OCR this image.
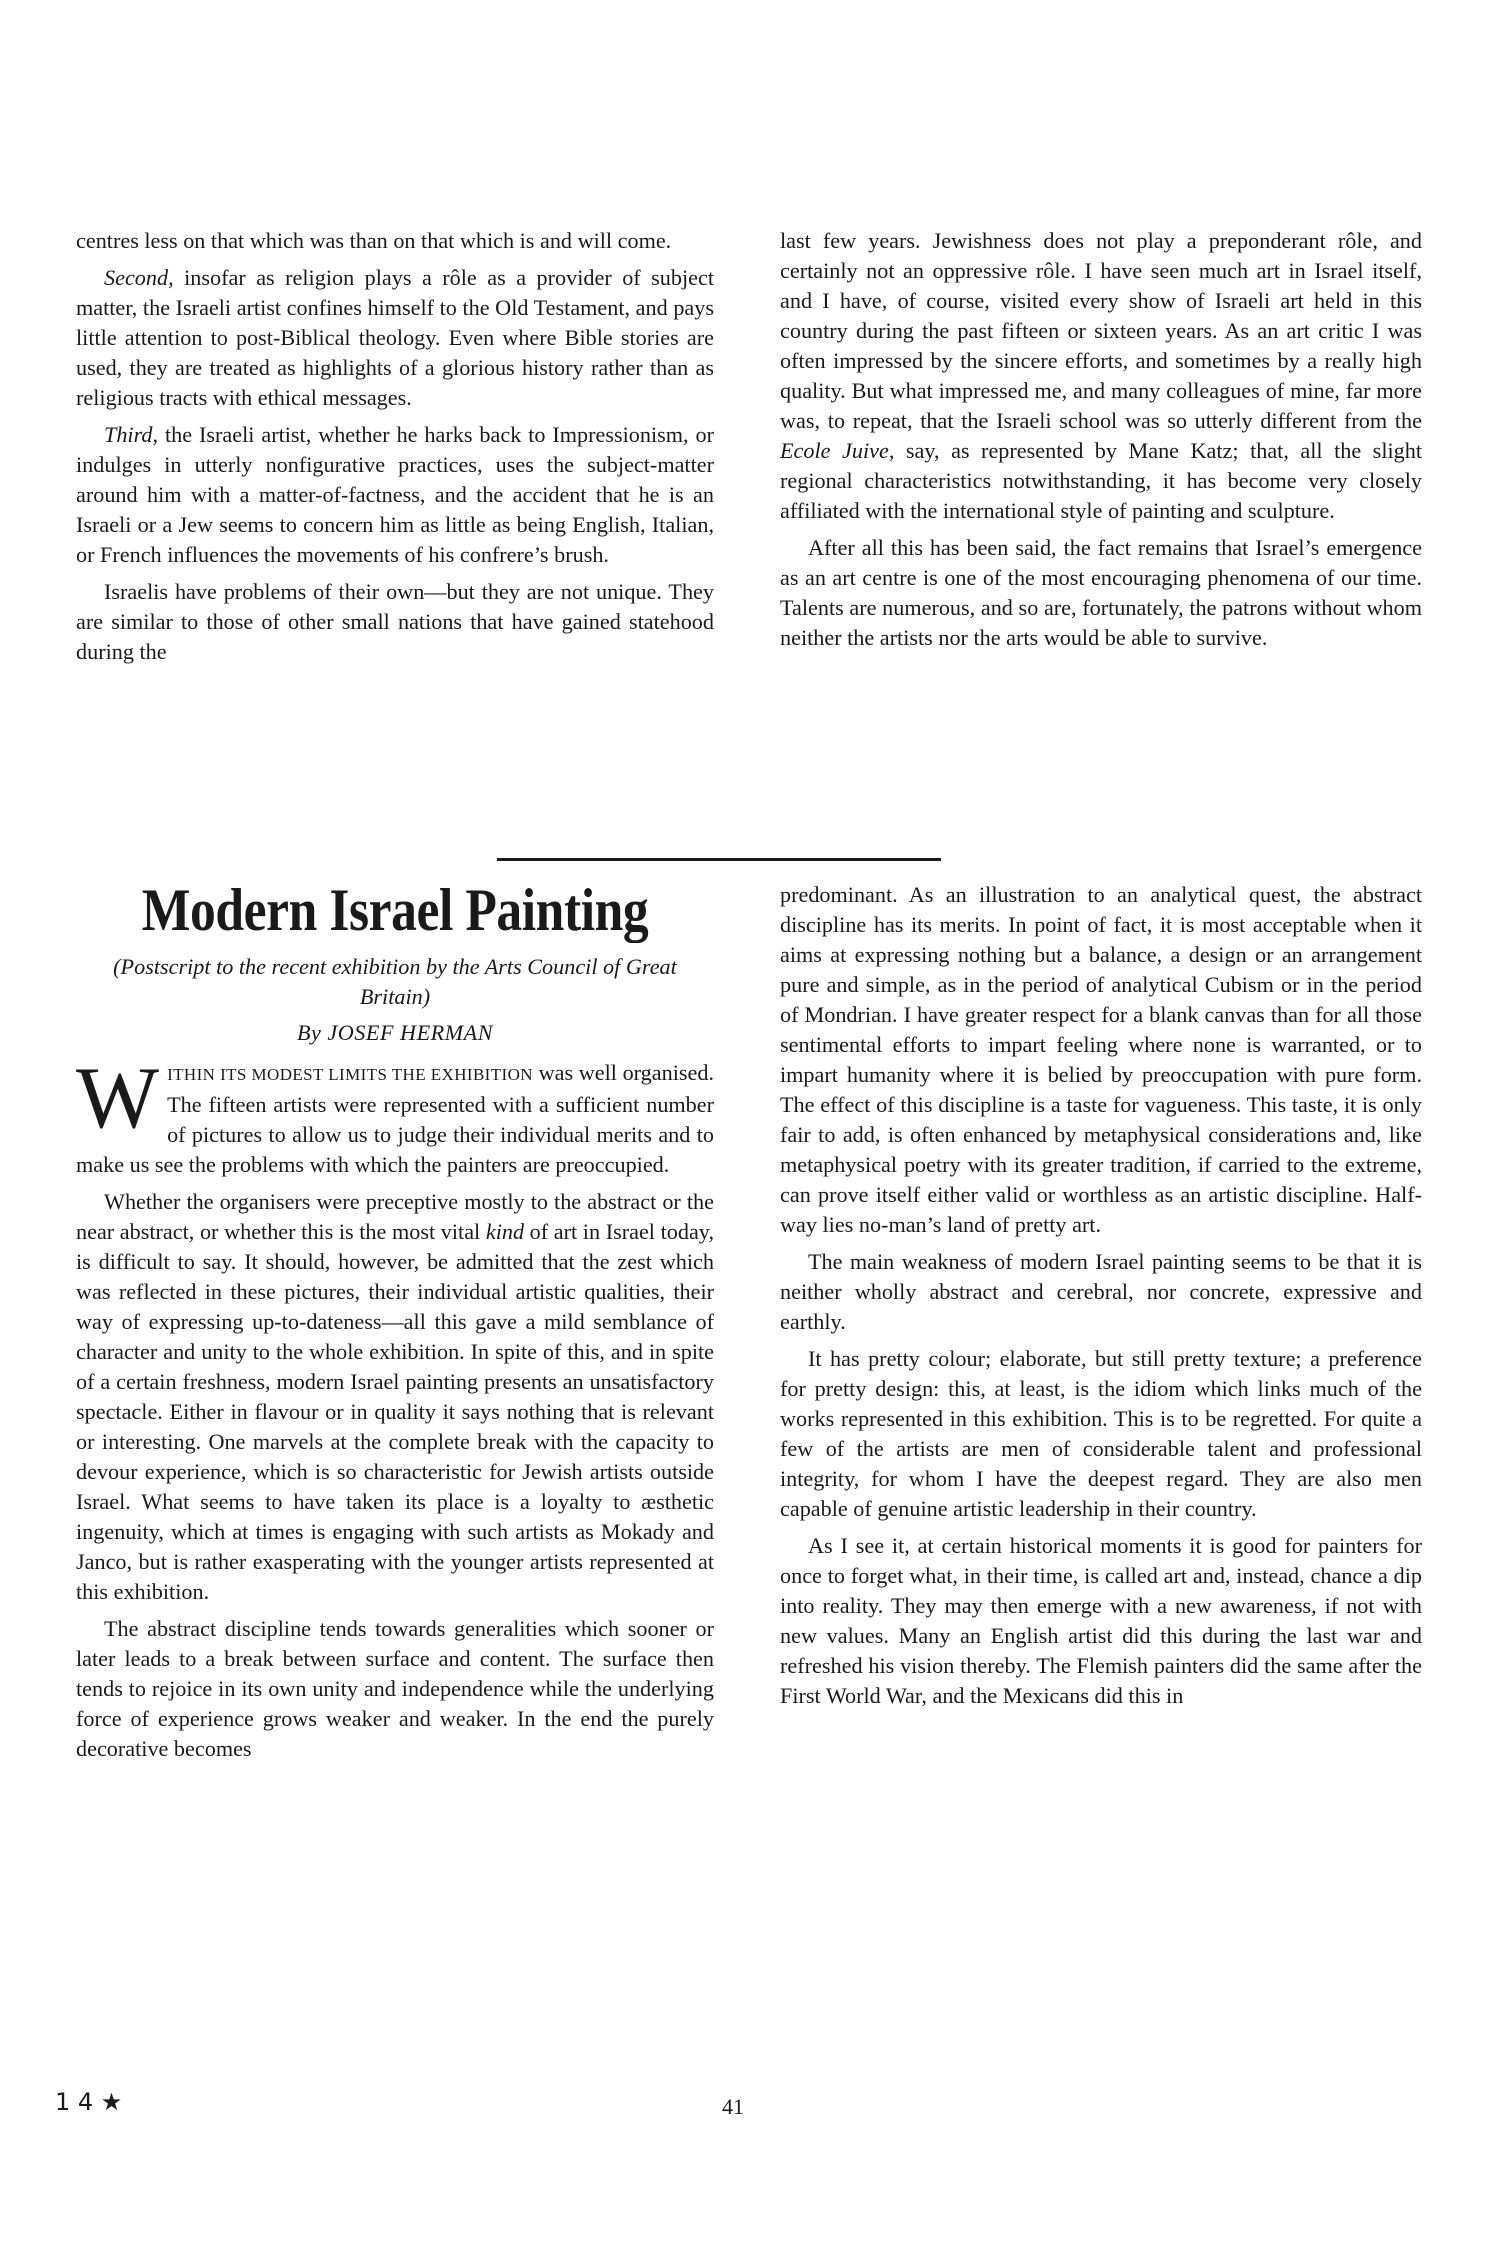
centres less on that which was than on that which is and will come.

Second, insofar as religion plays a rôle as a provider of subject matter, the Israeli artist confines himself to the Old Testament, and pays little attention to post-Biblical theology. Even where Bible stories are used, they are treated as highlights of a glorious history rather than as religious tracts with ethical messages.

Third, the Israeli artist, whether he harks back to Impressionism, or indulges in utterly nonfigurative practices, uses the subject-matter around him with a matter-of-factness, and the accident that he is an Israeli or a Jew seems to concern him as little as being English, Italian, or French influences the movements of his confrere’s brush.

Israelis have problems of their own—but they are not unique. They are similar to those of other small nations that have gained statehood during the

last few years. Jewishness does not play a preponderant rôle, and certainly not an oppressive rôle. I have seen much art in Israel itself, and I have, of course, visited every show of Israeli art held in this country during the past fifteen or sixteen years. As an art critic I was often impressed by the sincere efforts, and sometimes by a really high quality. But what impressed me, and many colleagues of mine, far more was, to repeat, that the Israeli school was so utterly different from the Ecole Juive, say, as represented by Mane Katz; that, all the slight regional characteristics notwithstanding, it has become very closely affiliated with the international style of painting and sculpture.

After all this has been said, the fact remains that Israel’s emergence as an art centre is one of the most encouraging phenomena of our time. Talents are numerous, and so are, fortunately, the patrons without whom neither the artists nor the arts would be able to survive.

Modern Israel Painting
(Postscript to the recent exhibition by the Arts Council of Great Britain)
By JOSEF HERMAN

WITHIN ITS MODEST LIMITS THE EXHIBITION was well organised. The fifteen artists were represented with a sufficient number of pictures to allow us to judge their individual merits and to make us see the problems with which the painters are preoccupied.

Whether the organisers were preceptive mostly to the abstract or the near abstract, or whether this is the most vital kind of art in Israel today, is difficult to say. It should, however, be admitted that the zest which was reflected in these pictures, their individual artistic qualities, their way of expressing up-to-dateness—all this gave a mild semblance of character and unity to the whole exhibition. In spite of this, and in spite of a certain freshness, modern Israel painting presents an unsatisfactory spectacle. Either in flavour or in quality it says nothing that is relevant or interesting. One marvels at the complete break with the capacity to devour experience, which is so characteristic for Jewish artists outside Israel. What seems to have taken its place is a loyalty to æsthetic ingenuity, which at times is engaging with such artists as Mokady and Janco, but is rather exasperating with the younger artists represented at this exhibition.

The abstract discipline tends towards generalities which sooner or later leads to a break between surface and content. The surface then tends to rejoice in its own unity and independence while the underlying force of experience grows weaker and weaker. In the end the purely decorative becomes

predominant. As an illustration to an analytical quest, the abstract discipline has its merits. In point of fact, it is most acceptable when it aims at expressing nothing but a balance, a design or an arrangement pure and simple, as in the period of analytical Cubism or in the period of Mondrian. I have greater respect for a blank canvas than for all those sentimental efforts to impart feeling where none is warranted, or to impart humanity where it is belied by preoccupation with pure form. The effect of this discipline is a taste for vagueness. This taste, it is only fair to add, is often enhanced by metaphysical considerations and, like metaphysical poetry with its greater tradition, if carried to the extreme, can prove itself either valid or worthless as an artistic discipline. Half-way lies no-man’s land of pretty art.

The main weakness of modern Israel painting seems to be that it is neither wholly abstract and cerebral, nor concrete, expressive and earthly.

It has pretty colour; elaborate, but still pretty texture; a preference for pretty design: this, at least, is the idiom which links much of the works represented in this exhibition. This is to be regretted. For quite a few of the artists are men of considerable talent and professional integrity, for whom I have the deepest regard. They are also men capable of genuine artistic leadership in their country.

As I see it, at certain historical moments it is good for painters for once to forget what, in their time, is called art and, instead, chance a dip into reality. They may then emerge with a new awareness, if not with new values. Many an English artist did this during the last war and refreshed his vision thereby. The Flemish painters did the same after the First World War, and the Mexicans did this in

1 4 ★	41
